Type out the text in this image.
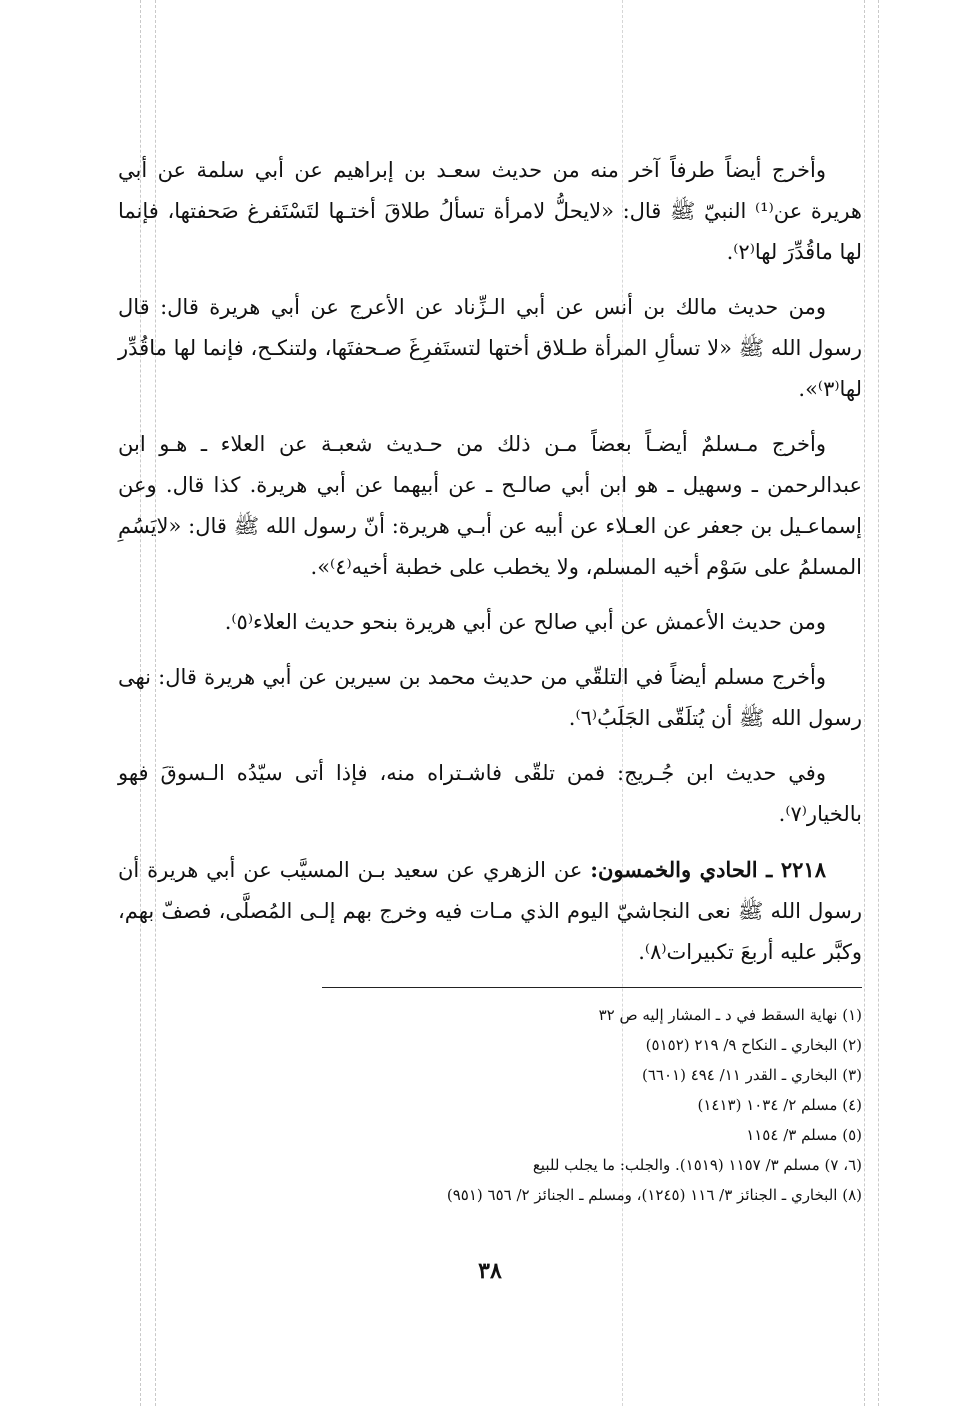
وأخرج أيضاً طرفاً آخر منه من حديث سعـد بن إبراهيم عن أبي سلمة عن أبي هريرة عن⁽¹⁾ النبيّ ﷺ قال: «لايحلُّ لامرأة تسألُ طلاقَ أختـها لتَسْتَفرغ صَحفتها، فإنما لها ماقُدِّرَ لها⁽٢⁾.

ومن حديث مالك بن أنس عن أبي الـزِّناد عن الأعرج عن أبي هريرة قال: قال رسول الله ﷺ «لا تسألِ المرأة طـلاق أختها لتستَفرِغَ صـحفتَها، ولتنكـح، فإنما لها ماقُدِّر لها⁽٣⁾».

وأخرج مـسلمٌ أيضـاً بعضاً مـن ذلك من حـديث شعبـة عن العلاء ـ هـو ابن عبدالرحمن ـ وسهيل ـ هو ابن أبي صالـح ـ عن أبيهما عن أبي هريرة. كذا قال. وعن إسماعـيل بن جعفر عن العـلاء عن أبيه عن أبـي هريرة: أنّ رسول الله ﷺ قال: «لايَسُمِ المسلمُ على سَوْم أخيه المسلم، ولا يخطب على خطبة أخيه⁽٤⁾».

ومن حديث الأعمش عن أبي صالح عن أبي هريرة بنحو حديث العلاء⁽٥⁾.

وأخرج مسلم أيضاً في التلقّي من حديث محمد بن سيرين عن أبي هريرة قال: نهى رسول الله ﷺ أن يُتلَقّى الجَلَبُ⁽٦⁾.

وفي حديث ابن جُـريج: فمن تلقّى فاشـتراه منه، فإذا أتى سيّدُه الـسوقَ فهو بالخيار⁽٧⁾.

٢٢١٨ ـ الحادي والخمسون: عن الزهري عن سعيد بـن المسيَّب عن أبي هريرة أن رسول الله ﷺ نعى النجاشيّ اليوم الذي مـات فيه وخرج بهم إلـى المُصلَّى، فصفّ بهم، وكبَّر عليه أربعَ تكبيرات⁽٨⁾.

(١) نهاية السقط في د ـ المشار إليه ص ٣٢
(٢) البخاري ـ النكاح ٩/ ٢١٩ (٥١٥٢)
(٣) البخاري ـ القدر ١١/ ٤٩٤ (٦٦٠١)
(٤) مسلم ٢/ ١٠٣٤ (١٤١٣)
(٥) مسلم ٣/ ١١٥٤
(٦، ٧) مسلم ٣/ ١١٥٧ (١٥١٩). والجلب: ما يجلب للبيع
(٨) البخاري ـ الجنائز ٣/ ١١٦ (١٢٤٥)، ومسلم ـ الجنائز ٢/ ٦٥٦ (٩٥١)
٣٨
